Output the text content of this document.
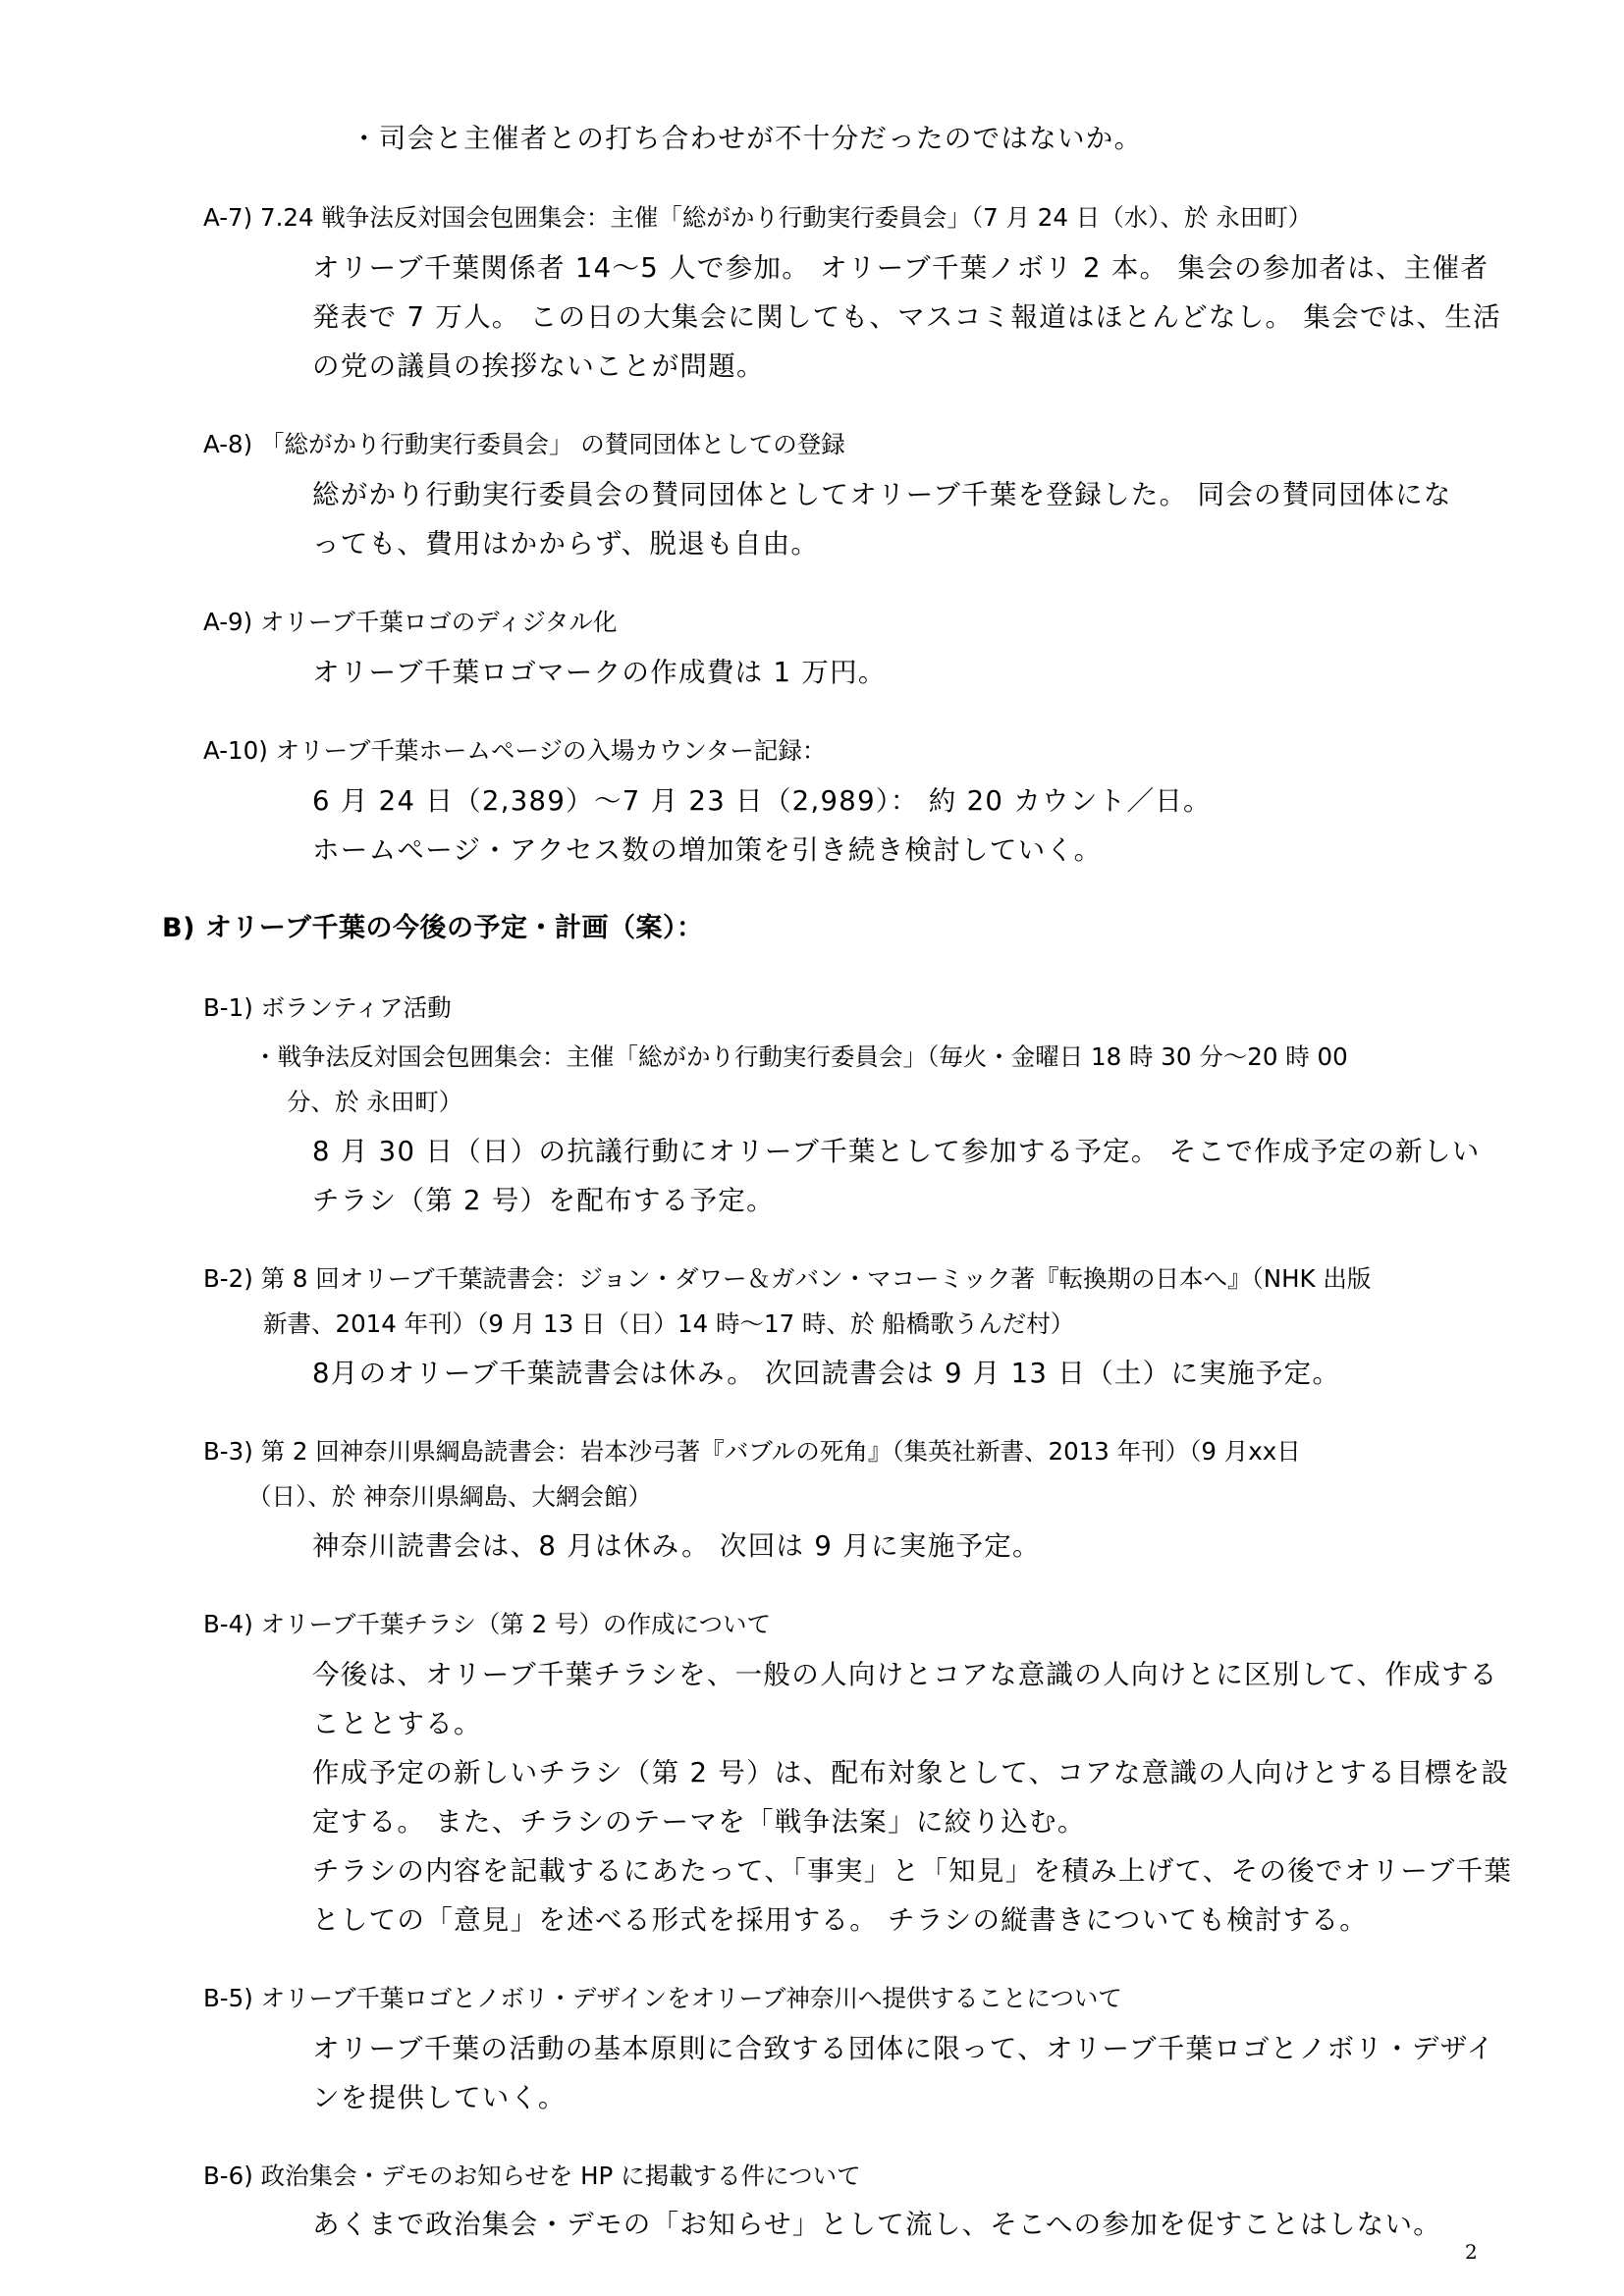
・司会と主催者との打ち合わせが不十分だったのではないか。
A-7) 7.24 戦争法反対国会包囲集会：主催「総がかり行動実行委員会」（7 月 24 日（水）、於 永田町）
オリーブ千葉関係者 14～5 人で参加。 オリーブ千葉ノボリ 2 本。 集会の参加者は、主催者
発表で 7 万人。 この日の大集会に関しても、マスコミ報道はほとんどなし。 集会では、生活
の党の議員の挨拶ないことが問題。
A-8) 「総がかり行動実行委員会」 の賛同団体としての登録
総がかり行動実行委員会の賛同団体としてオリーブ千葉を登録した。 同会の賛同団体にな
っても、費用はかからず、脱退も自由。
A-9) オリーブ千葉ロゴのディジタル化
オリーブ千葉ロゴマークの作成費は 1 万円。
A-10) オリーブ千葉ホームページの入場カウンター記録：
6 月 24 日（2,389）～7 月 23 日（2,989）： 約 20 カウント／日。
ホームページ・アクセス数の増加策を引き続き検討していく。
B) オリーブ千葉の今後の予定・計画（案）：
B-1) ボランティア活動
・戦争法反対国会包囲集会：主催「総がかり行動実行委員会」（毎火・金曜日 18 時 30 分～20 時 00
分、於 永田町）
8 月 30 日（日）の抗議行動にオリーブ千葉として参加する予定。 そこで作成予定の新しい
チラシ（第 2 号）を配布する予定。
B-2) 第 8 回オリーブ千葉読書会：ジョン・ダワー＆ガバン・マコーミック著『転換期の日本へ』（NHK 出版
新書、2014 年刊）（9 月 13 日（日）14 時～17 時、於 船橋歌うんだ村）
8月のオリーブ千葉読書会は休み。 次回読書会は 9 月 13 日（土）に実施予定。
B-3) 第 2 回神奈川県綱島読書会：岩本沙弓著『バブルの死角』（集英社新書、2013 年刊）（9 月xx日
（日）、於 神奈川県綱島、大網会館）
神奈川読書会は、8 月は休み。 次回は 9 月に実施予定。
B-4) オリーブ千葉チラシ（第 2 号）の作成について
今後は、オリーブ千葉チラシを、一般の人向けとコアな意識の人向けとに区別して、作成する
こととする。
作成予定の新しいチラシ（第 2 号）は、配布対象として、コアな意識の人向けとする目標を設
定する。 また、チラシのテーマを「戦争法案」に絞り込む。
チラシの内容を記載するにあたって、「事実」と「知見」を積み上げて、その後でオリーブ千葉
としての「意見」を述べる形式を採用する。 チラシの縦書きについても検討する。
B-5) オリーブ千葉ロゴとノボリ・デザインをオリーブ神奈川へ提供することについて
オリーブ千葉の活動の基本原則に合致する団体に限って、オリーブ千葉ロゴとノボリ・デザイ
ンを提供していく。
B-6) 政治集会・デモのお知らせを HP に掲載する件について
あくまで政治集会・デモの「お知らせ」として流し、そこへの参加を促すことはしない。
2
